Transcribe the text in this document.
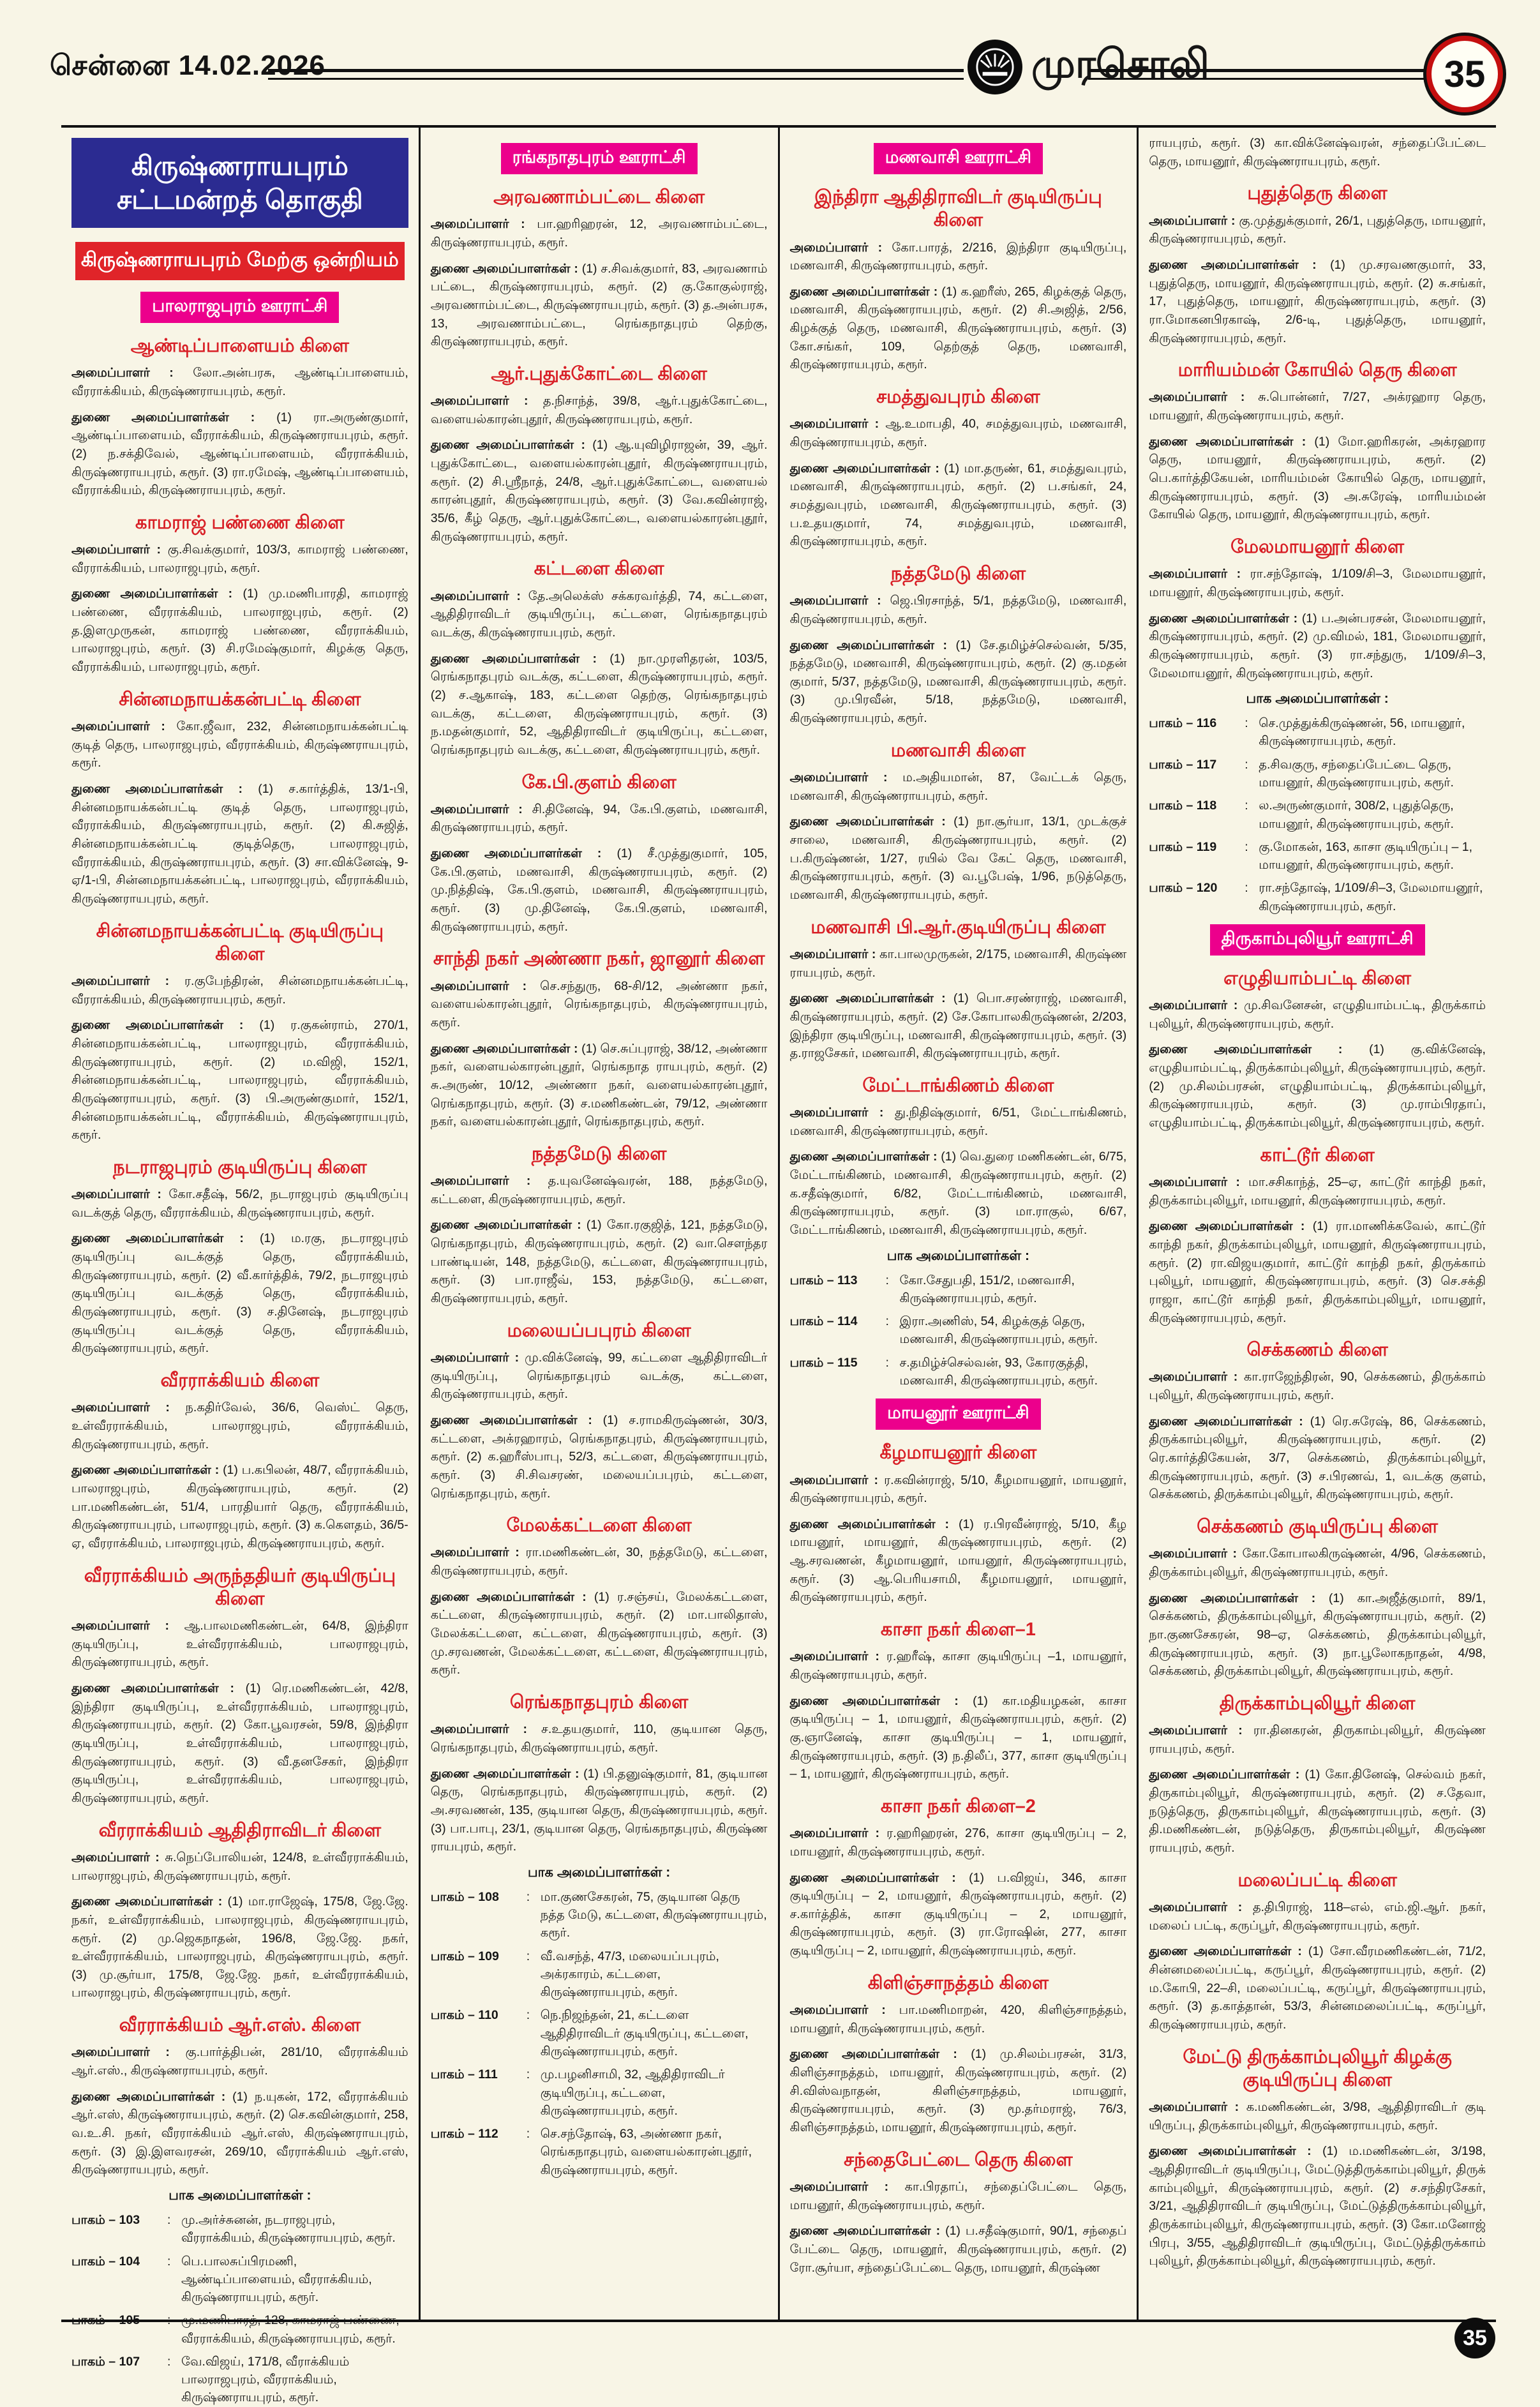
சென்னை 14.02.2026	முரசொலி	35
கிருஷ்ணராயபுரம் சட்டமன்றத் தொகுதி
கிருஷ்ணராயபுரம் மேற்கு ஒன்றியம்
பாலராஜபுரம் ஊராட்சி
ஆண்டிப்பாளையம் கிளை

அமைப்பாளர் : லோ.அன்பரசு, ஆண்டிப்பாளையம், வீரராக்கியம், கிருஷ்ணராயபுரம், கரூர்.

துணை அமைப்பாளர்கள் : (1) ரா.அருண்குமார், ஆண்டிப்பாளையம், வீரராக்கியம், கிருஷ்ணராயபுரம், கரூர். (2) ந.சக்திவேல், ஆண்டிப்பாளையம், வீரராக்கியம், கிருஷ்ணராயபுரம், கரூர். (3) ரா.ரமேஷ், ஆண்டிப்பாளையம், வீரராக்கியம், கிருஷ்ணராயபுரம், கரூர்.

காமராஜ் பண்ணை கிளை

அமைப்பாளர் : கு.சிவக்குமார், 103/3, காமராஜ் பண்ணை, வீரராக்கியம், பாலராஜபுரம், கரூர்.

துணை அமைப்பாளர்கள் : (1) மு.மணிபாரதி, காமராஜ் பண்ணை, வீரராக்கியம், பாலராஜபுரம், கரூர். (2) த.இளமுருகன், காமராஜ் பண்ணை, வீரராக்கியம், பாலராஜபுரம், கரூர். (3) சி.ரமேஷ்குமார், கிழக்கு தெரு, வீரராக்கியம், பாலராஜபுரம், கரூர்.

சின்னமநாயக்கன்பட்டி கிளை

அமைப்பாளர் : கோ.ஜீவா, 232, சின்னமநாயக்கன்பட்டி குடித் தெரு, பாலராஜபுரம், வீரராக்கியம், கிருஷ்ணராயபுரம், கரூர்.

துணை அமைப்பாளர்கள் : (1) ச.கார்த்திக், 13/1-பி, சின்னமநாயக்கன்பட்டி குடித் தெரு, பாலராஜபுரம், வீரராக்கியம், கிருஷ்ணராயபுரம், கரூர். (2) கி.சுஜித், சின்னமநாயக்கன்பட்டி குடித்தெரு, பாலராஜபுரம், வீரராக்கியம், கிருஷ்ணராயபுரம், கரூர். (3) சா.விக்னேஷ், 9-ஏ/1-பி, சின்னமநாயக்கன்பட்டி, பாலராஜபுரம், வீரராக்கியம், கிருஷ்ணராயபுரம், கரூர்.

சின்னமநாயக்கன்பட்டி குடியிருப்பு கிளை

அமைப்பாளர் : ர.குபேந்திரன், சின்னமநாயக்கன்பட்டி, வீரராக்கியம், கிருஷ்ணராயபுரம், கரூர்.

துணை அமைப்பாளர்கள் : (1) ர.குகன்ராம், 270/1, சின்னமநாயக்கன்பட்டி, பாலராஜபுரம், வீரராக்கியம், கிருஷ்ணராயபுரம், கரூர். (2) ம.விஜி, 152/1, சின்னமநாயக்கன்பட்டி, பாலராஜபுரம், வீரராக்கியம், கிருஷ்ணராயபுரம், கரூர். (3) பி.அருண்குமார், 152/1, சின்னமநாயக்கன்பட்டி, வீரராக்கியம், கிருஷ்ணராயபுரம், கரூர்.

நடராஜபுரம் குடியிருப்பு கிளை

அமைப்பாளர் : கோ.சதீஷ், 56/2, நடராஜபுரம் குடியிருப்பு வடக்குத் தெரு, வீரராக்கியம், கிருஷ்ணராயபுரம், கரூர்.

துணை அமைப்பாளர்கள் : (1) ம.ரகு, நடராஜபுரம் குடியிருப்பு வடக்குத் தெரு, வீரராக்கியம், கிருஷ்ணராயபுரம், கரூர். (2) வீ.கார்த்திக், 79/2, நடராஜபுரம் குடியிருப்பு வடக்குத் தெரு, வீரராக்கியம், கிருஷ்ணராயபுரம், கரூர். (3) ச.தினேஷ், நடராஜபுரம் குடியிருப்பு வடக்குத் தெரு, வீரராக்கியம், கிருஷ்ணராயபுரம், கரூர்.

வீரராக்கியம் கிளை

அமைப்பாளர் : ந.கதிர்வேல், 36/6, வெஸ்ட் தெரு, உள்வீரராக்கியம், பாலராஜபுரம், வீரராக்கியம், கிருஷ்ணராயபுரம், கரூர்.

துணை அமைப்பாளர்கள் : (1) ப.கபிலன், 48/7, வீரராக்கியம், பாலராஜபுரம், கிருஷ்ணராயபுரம், கரூர். (2) பா.மணிகண்டன், 51/4, பாரதியார் தெரு, வீரராக்கியம், கிருஷ்ணராயபுரம், பாலராஜபுரம், கரூர். (3) க.கௌதம், 36/5-ஏ, வீரராக்கியம், பாலராஜபுரம், கிருஷ்ணராயபுரம், கரூர்.

வீரராக்கியம் அருந்ததியர் குடியிருப்பு கிளை

அமைப்பாளர் : ஆ.பாலமணிகண்டன், 64/8, இந்திரா குடியிருப்பு, உள்வீரராக்கியம், பாலராஜபுரம், கிருஷ்ணராயபுரம், கரூர்.

துணை அமைப்பாளர்கள் : (1) ரெ.மணிகண்டன், 42/8, இந்திரா குடியிருப்பு, உள்வீரராக்கியம், பாலராஜபுரம், கிருஷ்ணராயபுரம், கரூர். (2) கோ.பூவரசன், 59/8, இந்திரா குடியிருப்பு, உள்வீரராக்கியம், பாலராஜபுரம், கிருஷ்ணராயபுரம், கரூர். (3) வீ.தனசேகர், இந்திரா குடியிருப்பு, உள்வீரராக்கியம், பாலராஜபுரம், கிருஷ்ணராயபுரம், கரூர்.

வீரராக்கியம் ஆதிதிராவிடர் கிளை

அமைப்பாளர் : சு.நெப்போலியன், 124/8, உள்வீரராக்கியம், பாலராஜபுரம், கிருஷ்ணராயபுரம், கரூர்.

துணை அமைப்பாளர்கள் : (1) மா.ராஜேஷ், 175/8, ஜே.ஜே. நகர், உள்வீரராக்கியம், பாலராஜபுரம், கிருஷ்ணராயபுரம், கரூர். (2) மு.ஜெகநாதன், 196/8, ஜே.ஜே. நகர், உள்வீரராக்கியம், பாலராஜபுரம், கிருஷ்ணராயபுரம், கரூர். (3) மு.சூர்யா, 175/8, ஜே.ஜே. நகர், உள்வீரராக்கியம், பாலராஜபுரம், கிருஷ்ணராயபுரம், கரூர்.

வீரராக்கியம் ஆர்.எஸ். கிளை

அமைப்பாளர் : கு.பார்த்திபன், 281/10, வீரராக்கியம் ஆர்.எஸ்., கிருஷ்ணராயபுரம், கரூர்.

துணை அமைப்பாளர்கள் : (1) ந.யுகன், 172, வீரராக்கியம் ஆர்.எஸ், கிருஷ்ணராயபுரம், கரூர். (2) செ.கவின்குமார், 258, வ.உ.சி. நகர், வீரராக்கியம் ஆர்.எஸ், கிருஷ்ணராயபுரம், கரூர். (3) இ.இளவரசன், 269/10, வீரராக்கியம் ஆர்.எஸ், கிருஷ்ணராயபுரம், கரூர்.

பாக அமைப்பாளர்கள் :
பாகம் – 103	: மு.அர்ச்சுனன், நடராஜபுரம், வீரராக்கியம், கிருஷ்ணராயபுரம், கரூர்.
பாகம் – 104	: பெ.பாலசுப்பிரமணி, ஆண்டிப்பாளையம், வீரராக்கியம், கிருஷ்ணராயபுரம், கரூர்.
பாகம் – 105	: மு.மணிபாரத், 128, காமராஜ் பண்ணை, வீரராக்கியம், கிருஷ்ணராயபுரம், கரூர்.
பாகம் – 107	: வே.விஜய், 171/8, வீராக்கியம் பாலராஜபுரம், வீரராக்கியம், கிருஷ்ணராயபுரம், கரூர்.
ரங்கநாதபுரம் ஊராட்சி
அரவணாம்பட்டை கிளை

அமைப்பாளர் : பா.ஹரிஹரன், 12, அரவணாம்பட்டை, கிருஷ்ணராயபுரம், கரூர்.

துணை அமைப்பாளர்கள் : (1) ச.சிவக்குமார், 83, அரவணாம் பட்டை, கிருஷ்ணராயபுரம், கரூர். (2) கு.கோகுல்ராஜ், அரவணாம்பட்டை, கிருஷ்ணராயபுரம், கரூர். (3) த.அன்பரசு, 13, அரவணாம்பட்டை, ரெங்கநாதபுரம் தெற்கு, கிருஷ்ணராயபுரம், கரூர்.

ஆர்.புதுக்கோட்டை கிளை

அமைப்பாளர் : த.நிசாந்த், 39/8, ஆர்.புதுக்கோட்டை, வளையல்காரன்புதூர், கிருஷ்ணராயபுரம், கரூர்.

துணை அமைப்பாளர்கள் : (1) ஆ.யுவிழிராஜன், 39, ஆர். புதுக்கோட்டை, வளையல்காரன்புதூர், கிருஷ்ணராயபுரம், கரூர். (2) சி.ஸ்ரீநாத், 24/8, ஆர்.புதுக்கோட்டை, வளையல் காரன்புதூர், கிருஷ்ணராயபுரம், கரூர். (3) வே.கவின்ராஜ், 35/6, கீழ் தெரு, ஆர்.புதுக்கோட்டை, வளையல்காரன்புதூர், கிருஷ்ணராயபுரம், கரூர்.

கட்டளை கிளை

அமைப்பாளர் : தே.அலெக்ஸ் சக்கரவர்த்தி, 74, கட்டளை, ஆதிதிராவிடர் குடியிருப்பு, கட்டளை, ரெங்கநாதபுரம் வடக்கு, கிருஷ்ணராயபுரம், கரூர்.

துணை அமைப்பாளர்கள் : (1) நா.முரளிதரன், 103/5, ரெங்கநாதபுரம் வடக்கு, கட்டளை, கிருஷ்ணராயபுரம், கரூர். (2) ச.ஆகாஷ், 183, கட்டளை தெற்கு, ரெங்கநாதபுரம் வடக்கு, கட்டளை, கிருஷ்ணராயபுரம், கரூர். (3) ந.மதன்குமார், 52, ஆதிதிராவிடர் குடியிருப்பு, கட்டளை, ரெங்கநாதபுரம் வடக்கு, கட்டளை, கிருஷ்ணராயபுரம், கரூர்.

கே.பி.குளம் கிளை

அமைப்பாளர் : சி.தினேஷ், 94, கே.பி.குளம், மணவாசி, கிருஷ்ணராயபுரம், கரூர்.

துணை அமைப்பாளர்கள் : (1) சீ.முத்துகுமார், 105, கே.பி.குளம், மணவாசி, கிருஷ்ணராயபுரம், கரூர். (2) மு.நித்திஷ், கே.பி.குளம், மணவாசி, கிருஷ்ணராயபுரம், கரூர். (3) மு.தினேஷ், கே.பி.குளம், மணவாசி, கிருஷ்ணராயபுரம், கரூர்.

சாந்தி நகர் அண்ணா நகர், ஜானூர் கிளை

அமைப்பாளர் : செ.சந்துரு, 68-சி/12, அண்ணா நகர், வளையல்காரன்புதூர், ரெங்கநாதபுரம், கிருஷ்ணராயபுரம், கரூர்.

துணை அமைப்பாளர்கள் : (1) செ.சுப்புராஜ், 38/12, அண்ணா நகர், வளையல்காரன்புதூர், ரெங்கநாத ராயபுரம், கரூர். (2) சு.அருண், 10/12, அண்ணா நகர், வளையல்காரன்புதூர், ரெங்கநாதபுரம், கரூர். (3) ச.மணிகண்டன், 79/12, அண்ணா நகர், வளையல்காரன்புதூர், ரெங்கநாதபுரம், கரூர்.

நத்தமேடு கிளை

அமைப்பாளர் : த.யுவனேஷ்வரன், 188, நத்தமேடு, கட்டளை, கிருஷ்ணராயபுரம், கரூர்.

துணை அமைப்பாளர்கள் : (1) கோ.ரகுஜித், 121, நத்தமேடு, ரெங்கநாதபுரம், கிருஷ்ணராயபுரம், கரூர். (2) வா.சௌந்தர பாண்டியன், 148, நத்தமேடு, கட்டளை, கிருஷ்ணராயபுரம், கரூர். (3) பா.ராஜீவ், 153, நத்தமேடு, கட்டளை, கிருஷ்ணராயபுரம், கரூர்.

மலையப்பபுரம் கிளை

அமைப்பாளர் : மு.விக்னேஷ், 99, கட்டளை ஆதிதிராவிடர் குடியிருப்பு, ரெங்கநாதபுரம் வடக்கு, கட்டளை, கிருஷ்ணராயபுரம், கரூர்.

துணை அமைப்பாளர்கள் : (1) ச.ராமகிருஷ்ணன், 30/3, கட்டளை, அக்ரஹாரம், ரெங்கநாதபுரம், கிருஷ்ணராயபுரம், கரூர். (2) க.ஹரீஸ்பாபு, 52/3, கட்டளை, கிருஷ்ணராயபுரம், கரூர். (3) சி.சிவசரண், மலையப்பபுரம், கட்டளை, ரெங்கநாதபுரம், கரூர்.

மேலக்கட்டளை கிளை

அமைப்பாளர் : ரா.மணிகண்டன், 30, நத்தமேடு, கட்டளை, கிருஷ்ணராயபுரம், கரூர்.

துணை அமைப்பாளர்கள் : (1) ர.சஞ்சய், மேலக்கட்டளை, கட்டளை, கிருஷ்ணராயபுரம், கரூர். (2) மா.பாலிதாஸ், மேலக்கட்டளை, கட்டளை, கிருஷ்ணராயபுரம், கரூர். (3) மு.சரவணன், மேலக்கட்டளை, கட்டளை, கிருஷ்ணராயபுரம், கரூர்.

ரெங்கநாதபுரம் கிளை

அமைப்பாளர் : ச.உதயகுமார், 110, குடியான தெரு, ரெங்கநாதபுரம், கிருஷ்ணராயபுரம், கரூர்.

துணை அமைப்பாளர்கள் : (1) பி.தனுஷ்குமார், 81, குடியான தெரு, ரெங்கநாதபுரம், கிருஷ்ணராயபுரம், கரூர். (2) அ.சரவணன், 135, குடியான தெரு, கிருஷ்ணராயபுரம், கரூர். (3) பா.பாபு, 23/1, குடியான தெரு, ரெங்கநாதபுரம், கிருஷ்ண ராயபுரம், கரூர்.

பாக அமைப்பாளர்கள் :
பாகம் – 108	: மா.குணசேகரன், 75, குடியான தெரு நத்த மேடு, கட்டளை, கிருஷ்ணராயபுரம், கரூர்.
பாகம் – 109	: வீ.வசந்த், 47/3, மலையப்பபுரம், அக்ரகாரம், கட்டளை, கிருஷ்ணராயபுரம், கரூர்.
பாகம் – 110	: நெ.நிஜந்தன், 21, கட்டளை ஆதிதிராவிடர் குடியிருப்பு, கட்டளை, கிருஷ்ணராயபுரம், கரூர்.
பாகம் – 111	: மு.பழனிசாமி, 32, ஆதிதிராவிடர் குடியிருப்பு, கட்டளை, கிருஷ்ணராயபுரம், கரூர்.
பாகம் – 112	: செ.சந்தோஷ், 63, அண்ணா நகர், ரெங்கநாதபுரம், வளையல்காரன்புதூர், கிருஷ்ணராயபுரம், கரூர்.
மணவாசி ஊராட்சி
இந்திரா ஆதிதிராவிடர் குடியிருப்பு கிளை

அமைப்பாளர் : கோ.பாரத், 2/216, இந்திரா குடியிருப்பு, மணவாசி, கிருஷ்ணராயபுரம், கரூர்.

துணை அமைப்பாளர்கள் : (1) க.ஹரீஸ், 265, கிழக்குத் தெரு, மணவாசி, கிருஷ்ணராயபுரம், கரூர். (2) சி.அஜித், 2/56, கிழக்குத் தெரு, மணவாசி, கிருஷ்ணராயபுரம், கரூர். (3) கோ.சங்கர், 109, தெற்குத் தெரு, மணவாசி, கிருஷ்ணராயபுரம், கரூர்.

சமத்துவபுரம் கிளை

அமைப்பாளர் : ஆ.உமாபதி, 40, சமத்துவபுரம், மணவாசி, கிருஷ்ணராயபுரம், கரூர்.

துணை அமைப்பாளர்கள் : (1) மா.தருண், 61, சமத்துவபுரம், மணவாசி, கிருஷ்ணராயபுரம், கரூர். (2) ப.சங்கர், 24, சமத்துவபுரம், மணவாசி, கிருஷ்ணராயபுரம், கரூர். (3) ப.உதயகுமார், 74, சமத்துவபுரம், மணவாசி, கிருஷ்ணராயபுரம், கரூர்.

நத்தமேடு கிளை

அமைப்பாளர் : ஜெ.பிரசாந்த், 5/1, நத்தமேடு, மணவாசி, கிருஷ்ணராயபுரம், கரூர்.

துணை அமைப்பாளர்கள் : (1) சே.தமிழ்ச்செல்வன், 5/35, நத்தமேடு, மணவாசி, கிருஷ்ணராயபுரம், கரூர். (2) கு.மதன் குமார், 5/37, நத்தமேடு, மணவாசி, கிருஷ்ணராயபுரம், கரூர். (3) மு.பிரவீன், 5/18, நத்தமேடு, மணவாசி, கிருஷ்ணராயபுரம், கரூர்.

மணவாசி கிளை

அமைப்பாளர் : ம.அதியமான், 87, வேட்டக் தெரு, மணவாசி, கிருஷ்ணராயபுரம், கரூர்.

துணை அமைப்பாளர்கள் : (1) நா.சூர்யா, 13/1, முடக்குச் சாலை, மணவாசி, கிருஷ்ணராயபுரம், கரூர். (2) ப.கிருஷ்ணன், 1/27, ரயில் வே கேட் தெரு, மணவாசி, கிருஷ்ணராயபுரம், கரூர். (3) வ.பூபேஷ், 1/96, நடுத்தெரு, மணவாசி, கிருஷ்ணராயபுரம், கரூர்.

மணவாசி பி.ஆர்.குடியிருப்பு கிளை

அமைப்பாளர் : கா.பாலமுருகன், 2/175, மணவாசி, கிருஷ்ண ராயபுரம், கரூர்.

துணை அமைப்பாளர்கள் : (1) பொ.சரண்ராஜ், மணவாசி, கிருஷ்ணராயபுரம், கரூர். (2) சே.கோபாலகிருஷ்ணன், 2/203, இந்திரா குடியிருப்பு, மணவாசி, கிருஷ்ணராயபுரம், கரூர். (3) த.ராஜசேகர், மணவாசி, கிருஷ்ணராயபுரம், கரூர்.

மேட்டாங்கிணம் கிளை

அமைப்பாளர் : து.நிதிஷ்குமார், 6/51, மேட்டாங்கிணம், மணவாசி, கிருஷ்ணராயபுரம், கரூர்.

துணை அமைப்பாளர்கள் : (1) வெ.துரை மணிகண்டன், 6/75, மேட்டாங்கிணம், மணவாசி, கிருஷ்ணராயபுரம், கரூர். (2) க.சதீஷ்குமார், 6/82, மேட்டாங்கிணம், மணவாசி, கிருஷ்ணராயபுரம், கரூர். (3) மா.ராகுல், 6/67, மேட்டாங்கிணம், மணவாசி, கிருஷ்ணராயபுரம், கரூர்.

பாக அமைப்பாளர்கள் :
பாகம் – 113	: கோ.சேதுபதி, 151/2, மணவாசி, கிருஷ்ணராயபுரம், கரூர்.
பாகம் – 114	: இரா.அணிஸ், 54, கிழக்குத் தெரு, மணவாசி, கிருஷ்ணராயபுரம், கரூர்.
பாகம் – 115	: ச.தமிழ்ச்செல்வன், 93, கோரகுத்தி, மணவாசி, கிருஷ்ணராயபுரம், கரூர்.
மாயனூர் ஊராட்சி
கீழமாயனூர் கிளை

அமைப்பாளர் : ர.கவின்ராஜ், 5/10, கீழமாயனூர், மாயனூர், கிருஷ்ணராயபுரம், கரூர்.

துணை அமைப்பாளர்கள் : (1) ர.பிரவீன்ராஜ், 5/10, கீழ மாயனூர், மாயனூர், கிருஷ்ணராயபுரம், கரூர். (2) ஆ.சரவணன், கீழமாயனூர், மாயனூர், கிருஷ்ணராயபுரம், கரூர். (3) ஆ.பெரியசாமி, கீழமாயனூர், மாயனூர், கிருஷ்ணராயபுரம், கரூர்.

காசா நகர் கிளை–1

அமைப்பாளர் : ர.ஹரீஷ், காசா குடியிருப்பு –1, மாயனூர், கிருஷ்ணராயபுரம், கரூர்.

துணை அமைப்பாளர்கள் : (1) கா.மதியழகன், காசா குடியிருப்பு – 1, மாயனூர், கிருஷ்ணராயபுரம், கரூர். (2) கு.ஞானேஷ், காசா குடியிருப்பு – 1, மாயனூர், கிருஷ்ணராயபுரம், கரூர். (3) ந.திலீப், 377, காசா குடியிருப்பு – 1, மாயனூர், கிருஷ்ணராயபுரம், கரூர்.

காசா நகர் கிளை–2

அமைப்பாளர் : ர.ஹரிஹரன், 276, காசா குடியிருப்பு – 2, மாயனூர், கிருஷ்ணராயபுரம், கரூர்.

துணை அமைப்பாளர்கள் : (1) ப.விஜய், 346, காசா குடியிருப்பு – 2, மாயனூர், கிருஷ்ணராயபுரம், கரூர். (2) ச.கார்த்திக், காசா குடியிருப்பு – 2, மாயனூர், கிருஷ்ணராயபுரம், கரூர். (3) ரா.ரோஷின், 277, காசா குடியிருப்பு – 2, மாயனூர், கிருஷ்ணராயபுரம், கரூர்.

கிளிஞ்சாநத்தம் கிளை

அமைப்பாளர் : பா.மணிமாறன், 420, கிளிஞ்சாநத்தம், மாயனூர், கிருஷ்ணராயபுரம், கரூர்.

துணை அமைப்பாளர்கள் : (1) மு.சிலம்பரசன், 31/3, கிளிஞ்சாநத்தம், மாயனூர், கிருஷ்ணராயபுரம், கரூர். (2) சி.விஸ்வநாதன், கிளிஞ்சாநத்தம், மாயனூர், கிருஷ்ணராயபுரம், கரூர். (3) மூ.தர்மராஜ், 76/3, கிளிஞ்சாநத்தம், மாயனூர், கிருஷ்ணராயபுரம், கரூர்.

சந்தைபேட்டை தெரு கிளை

அமைப்பாளர் : கா.பிரதாப், சந்தைப்பேட்டை தெரு, மாயனூர், கிருஷ்ணராயபுரம், கரூர்.

துணை அமைப்பாளர்கள் : (1) ப.சதீஷ்குமார், 90/1, சந்தைப் பேட்டை தெரு, மாயனூர், கிருஷ்ணராயபுரம், கரூர். (2) ரோ.சூர்யா, சந்தைப்பேட்டை தெரு, மாயனூர், கிருஷ்ண

ராயபுரம், கரூர். (3) கா.விக்னேஷ்வரன், சந்தைப்பேட்டை தெரு, மாயனூர், கிருஷ்ணராயபுரம், கரூர்.

புதுத்தெரு கிளை

அமைப்பாளர் : கு.முத்துக்குமார், 26/1, புதுத்தெரு, மாயனூர், கிருஷ்ணராயபுரம், கரூர்.

துணை அமைப்பாளர்கள் : (1) மு.சரவணகுமார், 33, புதுத்தெரு, மாயனூர், கிருஷ்ணராயபுரம், கரூர். (2) சு.சங்கர், 17, புதுத்தெரு, மாயனூர், கிருஷ்ணராயபுரம், கரூர். (3) ரா.மோகனபிரகாஷ், 2/6-டி, புதுத்தெரு, மாயனூர், கிருஷ்ணராயபுரம், கரூர்.

மாரியம்மன் கோயில் தெரு கிளை

அமைப்பாளர் : சு.பொன்னர், 7/27, அக்ரஹார தெரு, மாயனூர், கிருஷ்ணராயபுரம், கரூர்.

துணை அமைப்பாளர்கள் : (1) மோ.ஹரிகரன், அக்ரஹார தெரு, மாயனூர், கிருஷ்ணராயபுரம், கரூர். (2) பெ.கார்த்திகேயன், மாரியம்மன் கோயில் தெரு, மாயனூர், கிருஷ்ணராயபுரம், கரூர். (3) அ.சுரேஷ், மாரியம்மன் கோயில் தெரு, மாயனூர், கிருஷ்ணராயபுரம், கரூர்.

மேலமாயனூர் கிளை

அமைப்பாளர் : ரா.சந்தோஷ், 1/109/சி–3, மேலமாயனூர், மாயனூர், கிருஷ்ணராயபுரம், கரூர்.

துணை அமைப்பாளர்கள் : (1) ப.அன்பரசன், மேலமாயனூர், கிருஷ்ணராயபுரம், கரூர். (2) மு.விமல், 181, மேலமாயனூர், கிருஷ்ணராயபுரம், கரூர். (3) ரா.சந்துரு, 1/109/சி–3, மேலமாயனூர், கிருஷ்ணராயபுரம், கரூர்.

பாக அமைப்பாளர்கள் :
பாகம் – 116	: செ.முத்துக்கிருஷ்ணன், 56, மாயனூர், கிருஷ்ணராயபுரம், கரூர்.
பாகம் – 117	: த.சிவகுரு, சந்தைப்பேட்டை தெரு, மாயனூர், கிருஷ்ணராயபுரம், கரூர்.
பாகம் – 118	: ல.அருண்குமார், 308/2, புதுத்தெரு, மாயனூர், கிருஷ்ணராயபுரம், கரூர்.
பாகம் – 119	: கு.மோகன், 163, காசா குடியிருப்பு – 1, மாயனூர், கிருஷ்ணராயபுரம், கரூர்.
பாகம் – 120	: ரா.சந்தோஷ், 1/109/சி–3, மேலமாயனூர், கிருஷ்ணராயபுரம், கரூர்.
திருகாம்புலியூர் ஊராட்சி
எழுதியாம்பட்டி கிளை

அமைப்பாளர் : மு.சிவனேசன், எழுதியாம்பட்டி, திருக்காம் புலியூர், கிருஷ்ணராயபுரம், கரூர்.

துணை அமைப்பாளர்கள் : (1) கு.விக்னேஷ், எழுதியாம்பட்டி, திருக்காம்புலியூர், கிருஷ்ணராயபுரம், கரூர். (2) மு.சிலம்பரசன், எழுதியாம்பட்டி, திருக்காம்புலியூர், கிருஷ்ணராயபுரம், கரூர். (3) மு.ராம்பிரதாப், எழுதியாம்பட்டி, திருக்காம்புலியூர், கிருஷ்ணராயபுரம், கரூர்.

காட்டூர் கிளை

அமைப்பாளர் : மா.சசிகாந்த், 25–ஏ, காட்டூர் காந்தி நகர், திருக்காம்புலியூர், மாயனூர், கிருஷ்ணராயபுரம், கரூர்.

துணை அமைப்பாளர்கள் : (1) ரா.மாணிக்கவேல், காட்டூர் காந்தி நகர், திருக்காம்புலியூர், மாயனூர், கிருஷ்ணராயபுரம், கரூர். (2) ரா.விஜயகுமார், காட்டூர் காந்தி நகர், திருக்காம் புலியூர், மாயனூர், கிருஷ்ணராயபுரம், கரூர். (3) செ.சக்தி ராஜா, காட்டூர் காந்தி நகர், திருக்காம்புலியூர், மாயனூர், கிருஷ்ணராயபுரம், கரூர்.

செக்கணம் கிளை

அமைப்பாளர் : கா.ராஜேந்திரன், 90, செக்கணம், திருக்காம் புலியூர், கிருஷ்ணராயபுரம், கரூர்.

துணை அமைப்பாளர்கள் : (1) ரெ.சுரேஷ், 86, செக்கணம், திருக்காம்புலியூர், கிருஷ்ணராயபுரம், கரூர். (2) ரெ.கார்த்திகேயன், 3/7, செக்கணம், திருக்காம்புலியூர், கிருஷ்ணராயபுரம், கரூர். (3) ச.பிரணவ், 1, வடக்கு குளம், செக்கணம், திருக்காம்புலியூர், கிருஷ்ணராயபுரம், கரூர்.

செக்கணம் குடியிருப்பு கிளை

அமைப்பாளர் : கோ.கோபாலகிருஷ்ணன், 4/96, செக்கணம், திருக்காம்புலியூர், கிருஷ்ணராயபுரம், கரூர்.

துணை அமைப்பாளர்கள் : (1) கா.அஜீத்குமார், 89/1, செக்கணம், திருக்காம்புலியூர், கிருஷ்ணராயபுரம், கரூர். (2) நா.குணசேகரன், 98–ஏ, செக்கணம், திருக்காம்புலியூர், கிருஷ்ணராயபுரம், கரூர். (3) நா.பூலோகநாதன், 4/98, செக்கணம், திருக்காம்புலியூர், கிருஷ்ணராயபுரம், கரூர்.

திருக்காம்புலியூர் கிளை

அமைப்பாளர் : ரா.தினகரன், திருகாம்புலியூர், கிருஷ்ண ராயபுரம், கரூர்.

துணை அமைப்பாளர்கள் : (1) கோ.தினேஷ், செல்வம் நகர், திருகாம்புலியூர், கிருஷ்ணராயபுரம், கரூர். (2) ச.தேவா, நடுத்தெரு, திருகாம்புலியூர், கிருஷ்ணராயபுரம், கரூர். (3) தி.மணிகண்டன், நடுத்தெரு, திருகாம்புலியூர், கிருஷ்ண ராயபுரம், கரூர்.

மலைப்பட்டி கிளை

அமைப்பாளர் : த.திபிராஜ், 118–எல், எம்.ஜி.ஆர். நகர், மலைப் பட்டி, கருப்பூர், கிருஷ்ணராயபுரம், கரூர்.

துணை அமைப்பாளர்கள் : (1) சோ.வீரமணிகண்டன், 71/2, சின்னமலைப்பட்டி, கருப்பூர், கிருஷ்ணராயபுரம், கரூர். (2) ம.கோபி, 22–சி, மலைப்பட்டி, கருப்பூர், கிருஷ்ணராயபுரம், கரூர். (3) த.காத்தான், 53/3, சின்னமலைப்பட்டி, கருப்பூர், கிருஷ்ணராயபுரம், கரூர்.

மேட்டு திருக்காம்புலியூர் கிழக்கு குடியிருப்பு கிளை

அமைப்பாளர் : க.மணிகண்டன், 3/98, ஆதிதிராவிடர் குடி யிருப்பு, திருக்காம்புலியூர், கிருஷ்ணராயபுரம், கரூர்.

துணை அமைப்பாளர்கள் : (1) ம.மணிகண்டன், 3/198, ஆதிதிராவிடர் குடியிருப்பு, மேட்டுத்திருக்காம்புலியூர், திருக் காம்புலியூர், கிருஷ்ணராயபுரம், கரூர். (2) ச.சந்திரசேகர், 3/21, ஆதிதிராவிடர் குடியிருப்பு, மேட்டுத்திருக்காம்புலியூர், திருக்காம்புலியூர், கிருஷ்ணராயபுரம், கரூர். (3) கோ.மனோஜ் பிரபு, 3/55, ஆதிதிராவிடர் குடியிருப்பு, மேட்டுத்திருக்காம் புலியூர், திருக்காம்புலியூர், கிருஷ்ணராயபுரம், கரூர்.

35
